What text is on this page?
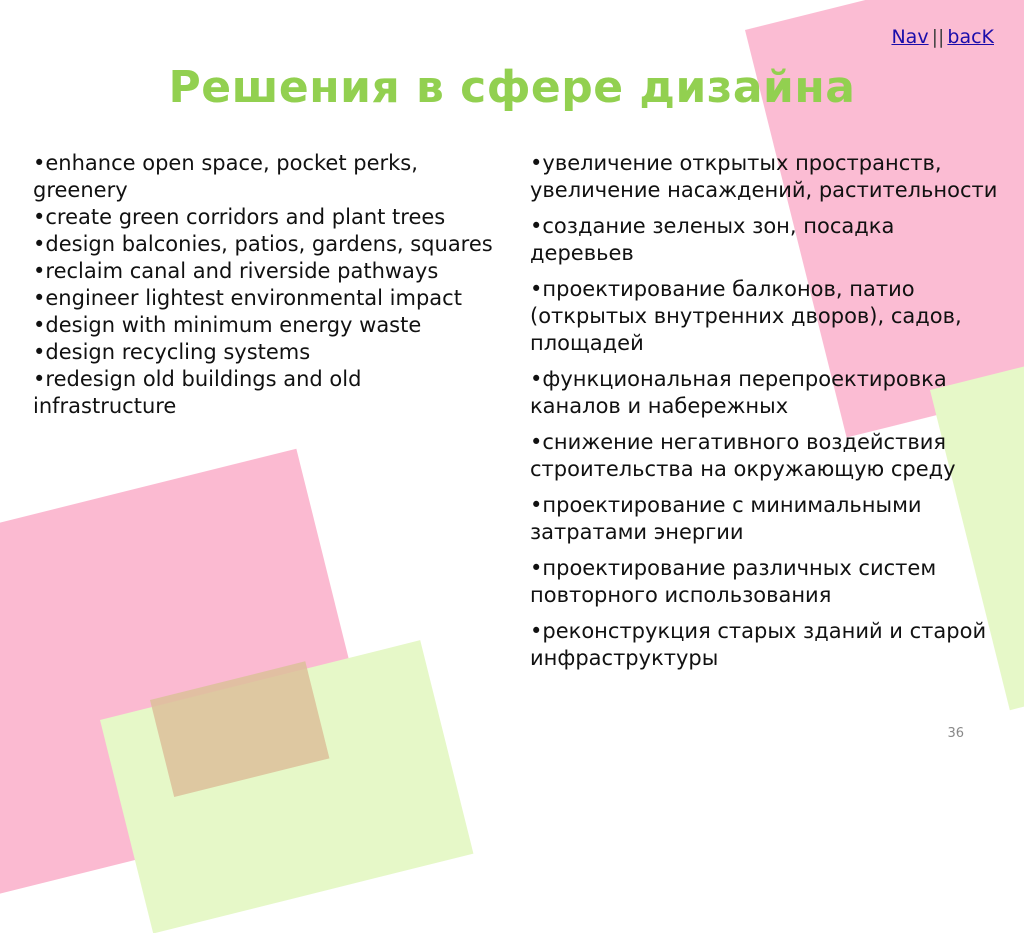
Nav || bacK
Решения в сфере дизайна
• enhance open space, pocket perks, greenery
• create green corridors and plant trees
• design balconies, patios, gardens, squares
• reclaim canal and riverside pathways
• engineer lightest environmental impact
• design with minimum energy waste
• design recycling systems
• redesign old buildings and old infrastructure
• увеличение открытых пространств, увеличение насаждений, растительности
• создание зеленых зон, посадка деревьев
• проектирование балконов, патио (открытых внутренних дворов), садов, площадей
• функциональная перепроектировка каналов и набережных
• снижение негативного воздействия строительства на окружающую среду
• проектирование с минимальными затратами энергии
• проектирование различных систем повторного использования
• реконструкция старых зданий и старой инфраструктуры
36
